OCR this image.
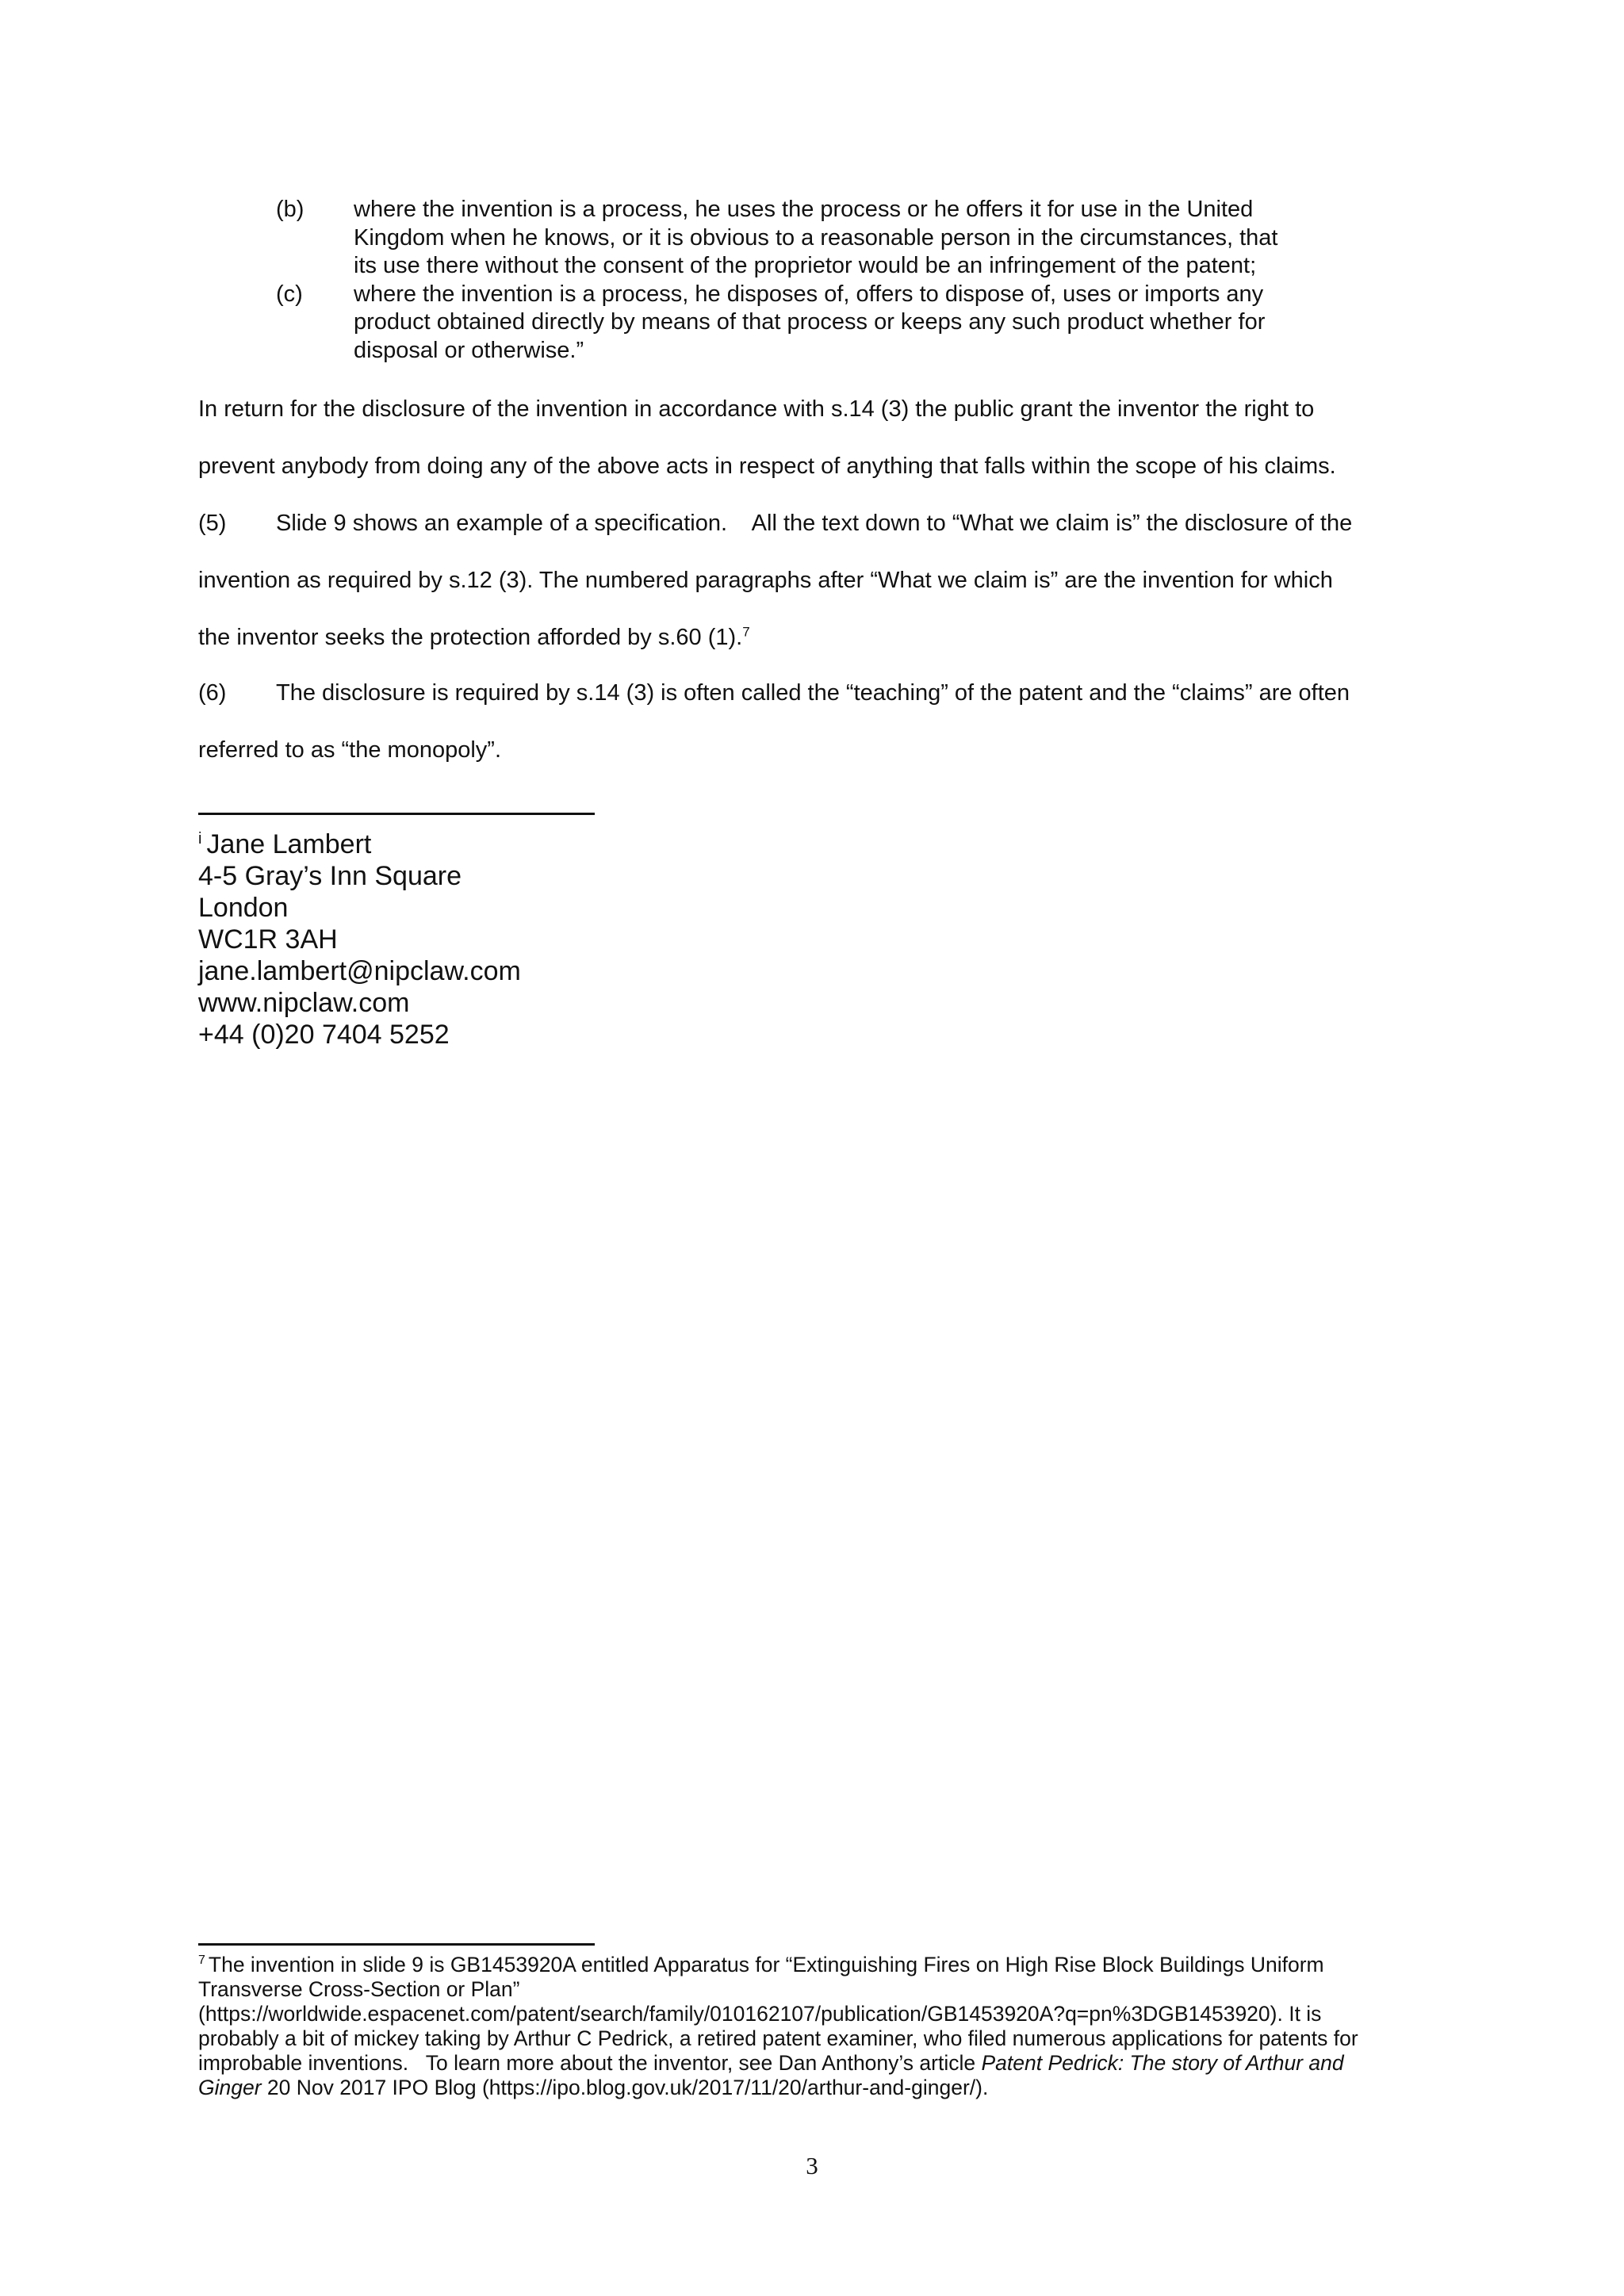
(b)	where the invention is a process, he uses the process or he offers it for use in the United
Kingdom when he knows, or it is obvious to a reasonable person in the circumstances, that
its use there without the consent of the proprietor would be an infringement of the patent;
(c)	where the invention is a process, he disposes of, offers to dispose of, uses or imports any
product obtained directly by means of that process or keeps any such product whether for
disposal or otherwise.”
In return for the disclosure of the invention in accordance with s.14 (3) the public grant the inventor the right to
prevent anybody from doing any of the above acts in respect of anything that falls within the scope of his claims.
(5) Slide 9 shows an example of a specification.    All the text down to “What we claim is” the disclosure of the
invention as required by s.12 (3). The numbered paragraphs after “What we claim is” are the invention for which
the inventor seeks the protection afforded by s.60 (1).$^7$
(6) The disclosure is required by s.14 (3) is often called the “teaching” of the patent and the “claims” are often
referred to as “the monopoly”.
$^i$ Jane Lambert
4-5 Gray’s Inn Square
London
WC1R 3AH
jane.lambert@nipclaw.com
www.nipclaw.com
+44 (0)20 7404 5252
$^7$ The invention in slide 9 is GB1453920A entitled Apparatus for “Extinguishing Fires on High Rise Block Buildings Uniform
Transverse Cross-Section or Plan”
(https://worldwide.espacenet.com/patent/search/family/010162107/publication/GB1453920A?q=pn%3DGB1453920). It is
probably a bit of mickey taking by Arthur C Pedrick, a retired patent examiner, who filed numerous applications for patents for
improbable inventions.   To learn more about the inventor, see Dan Anthony’s article Patent Pedrick: The story of Arthur and
Ginger 20 Nov 2017 IPO Blog (https://ipo.blog.gov.uk/2017/11/20/arthur-and-ginger/).
3
